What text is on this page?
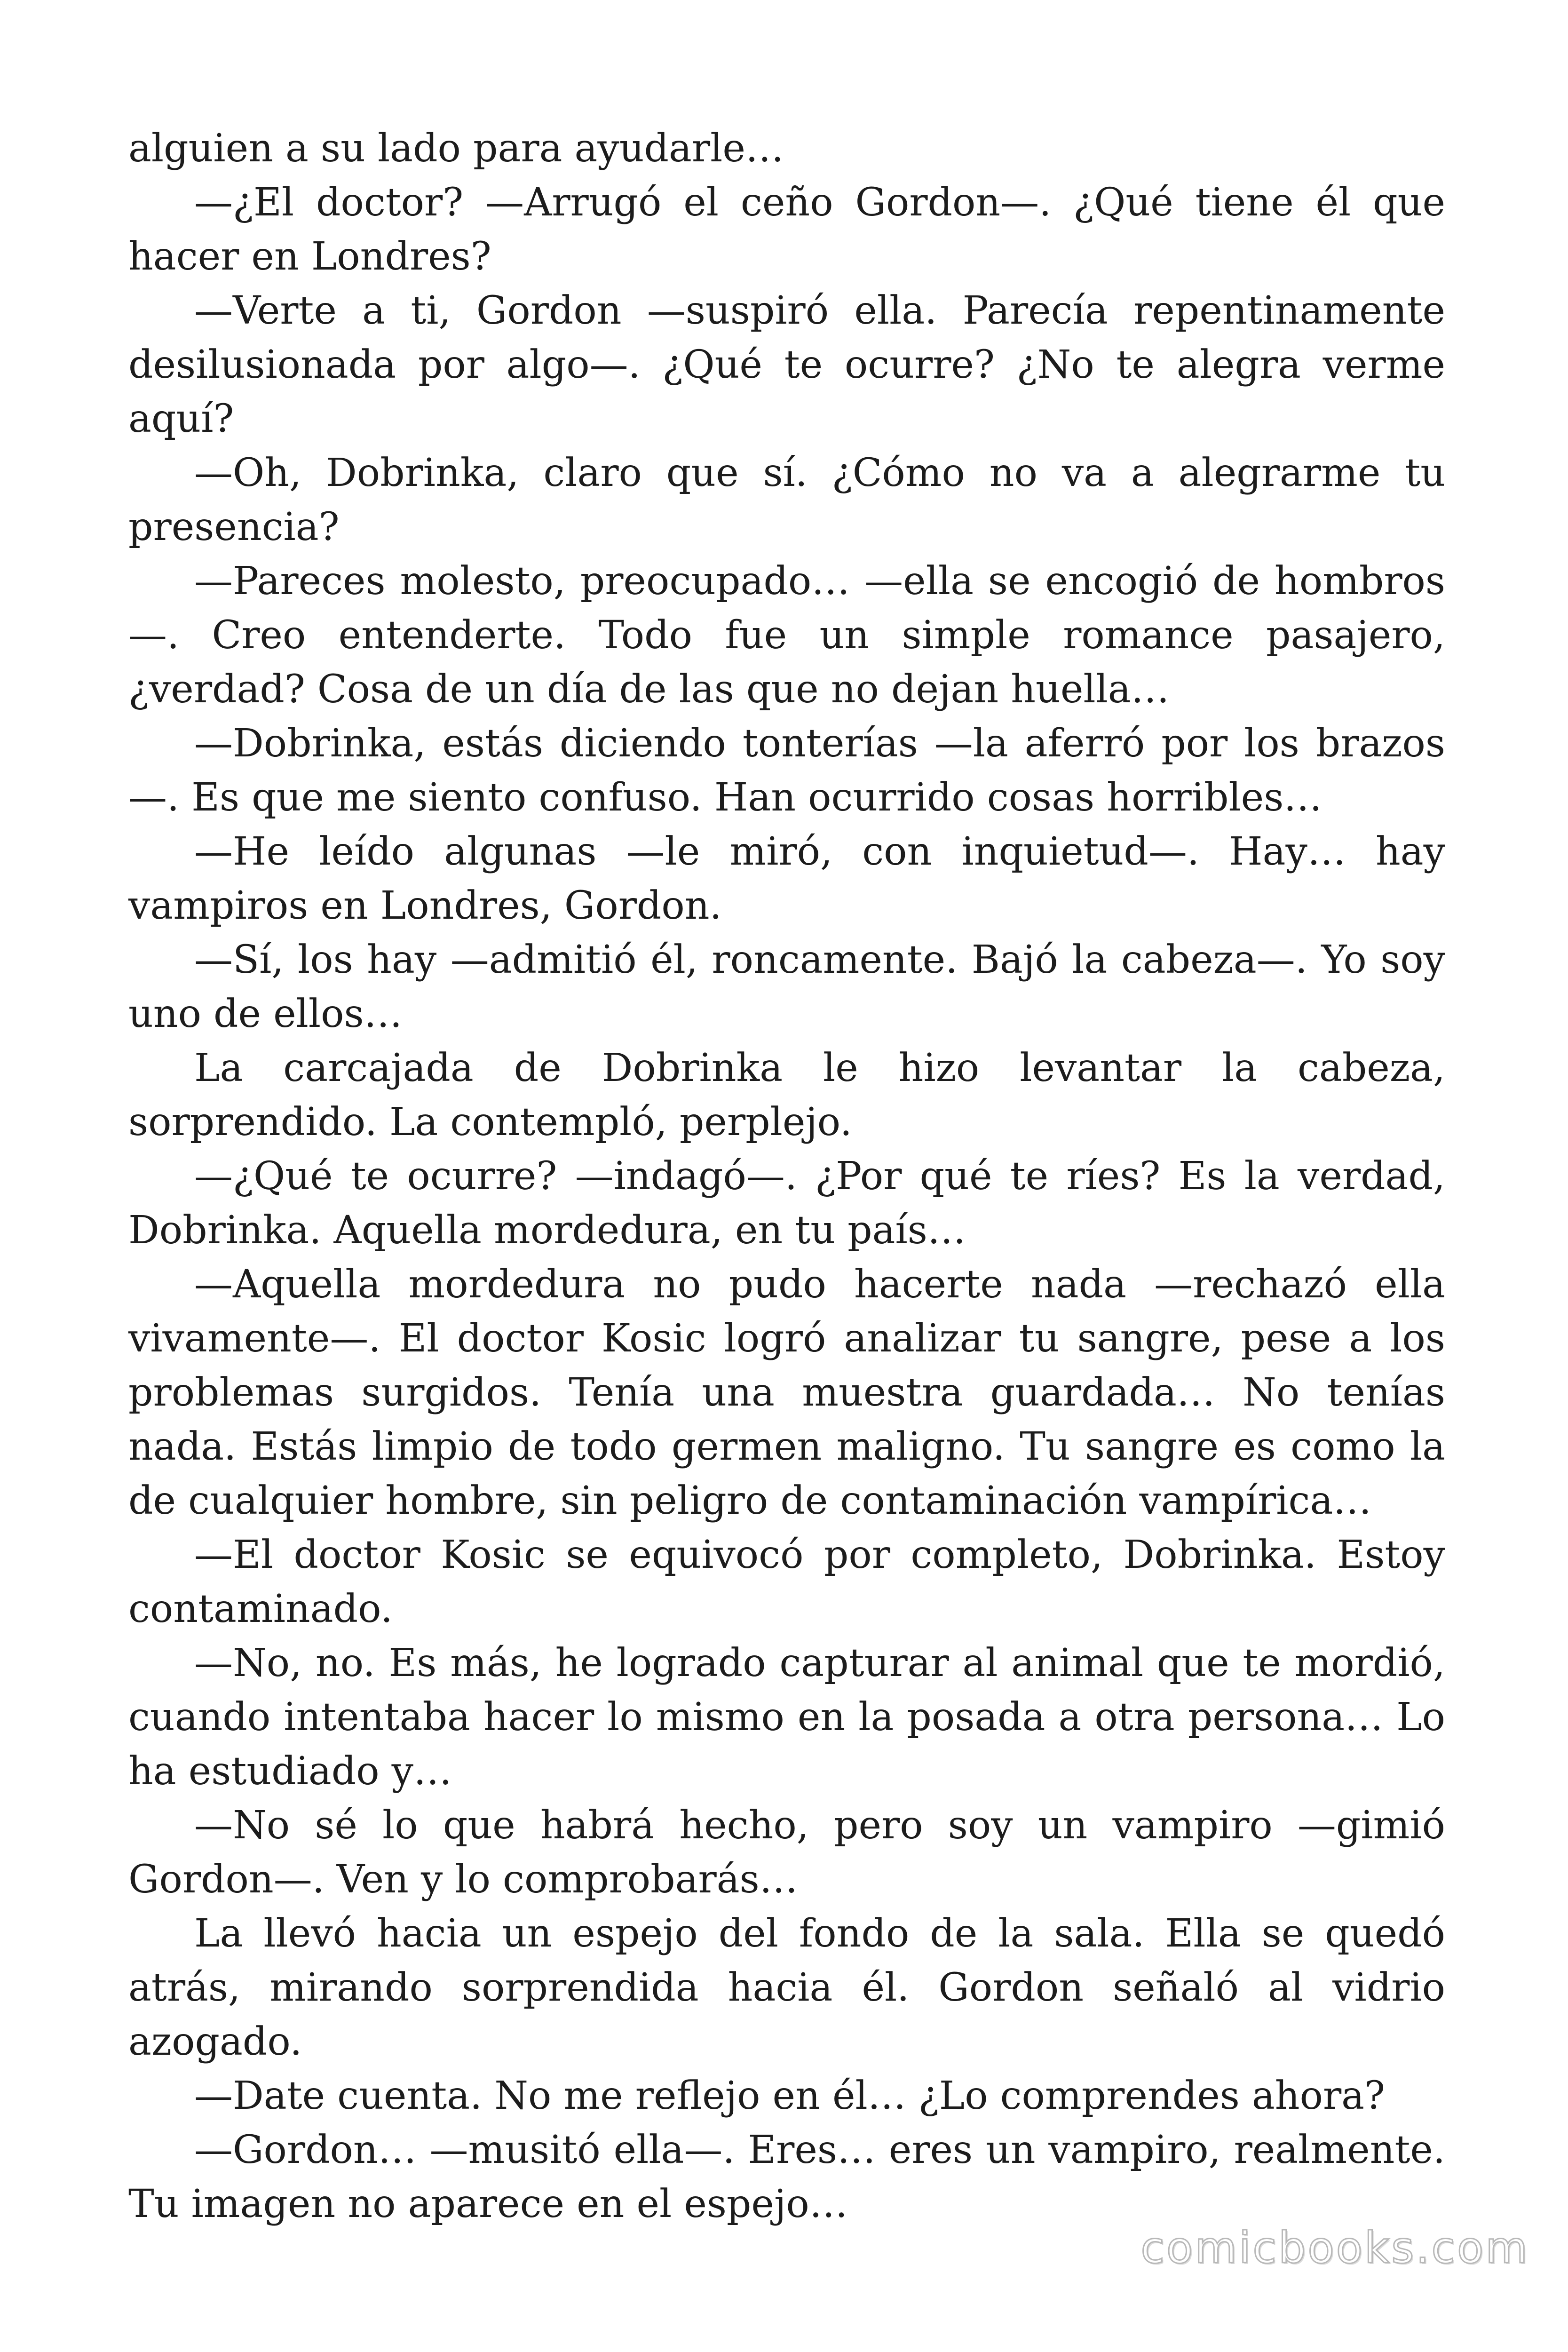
alguien a su lado para ayudarle…

—¿El doctor? —Arrugó el ceño Gordon—. ¿Qué tiene él que hacer en Londres?

—Verte a ti, Gordon —suspiró ella. Parecía repentinamente desilusionada por algo—. ¿Qué te ocurre? ¿No te alegra verme aquí?

—Oh, Dobrinka, claro que sí. ¿Cómo no va a alegrarme tu presencia?

—Pareces molesto, preocupado… —ella se encogió de hombros —. Creo entenderte. Todo fue un simple romance pasajero, ¿verdad? Cosa de un día de las que no dejan huella…

—Dobrinka, estás diciendo tonterías —la aferró por los brazos —. Es que me siento confuso. Han ocurrido cosas horribles…

—He leído algunas —le miró, con inquietud—. Hay… hay vampiros en Londres, Gordon.

—Sí, los hay —admitió él, roncamente. Bajó la cabeza—. Yo soy uno de ellos…

La carcajada de Dobrinka le hizo levantar la cabeza, sorprendido. La contempló, perplejo.

—¿Qué te ocurre? —indagó—. ¿Por qué te ríes? Es la verdad, Dobrinka. Aquella mordedura, en tu país…

—Aquella mordedura no pudo hacerte nada —rechazó ella vivamente—. El doctor Kosic logró analizar tu sangre, pese a los problemas surgidos. Tenía una muestra guardada… No tenías nada. Estás limpio de todo germen maligno. Tu sangre es como la de cualquier hombre, sin peligro de contaminación vampírica…

—El doctor Kosic se equivocó por completo, Dobrinka. Estoy contaminado.

—No, no. Es más, he logrado capturar al animal que te mordió, cuando intentaba hacer lo mismo en la posada a otra persona… Lo ha estudiado y…

—No sé lo que habrá hecho, pero soy un vampiro —gimió Gordon—. Ven y lo comprobarás…

La llevó hacia un espejo del fondo de la sala. Ella se quedó atrás, mirando sorprendida hacia él. Gordon señaló al vidrio azogado.

—Date cuenta. No me reflejo en él… ¿Lo comprendes ahora?

—Gordon… —musitó ella—. Eres… eres un vampiro, realmente. Tu imagen no aparece en el espejo…

comicbooks.com
